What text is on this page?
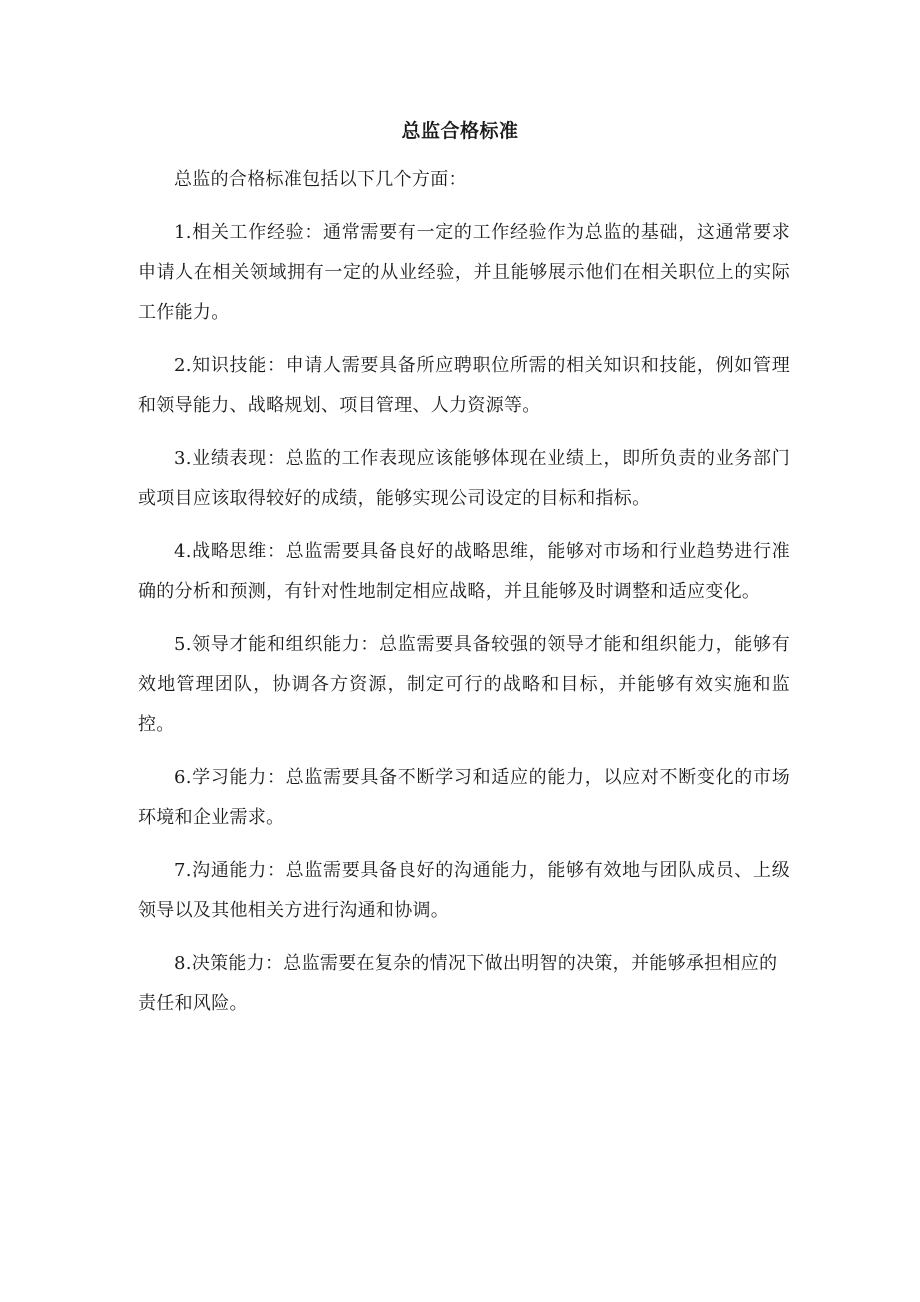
总监合格标准

总监的合格标准包括以下几个方面：

1.相关工作经验：通常需要有一定的工作经验作为总监的基础，这通常要求申请人在相关领域拥有一定的从业经验，并且能够展示他们在相关职位上的实际工作能力。

2.知识技能：申请人需要具备所应聘职位所需的相关知识和技能，例如管理和领导能力、战略规划、项目管理、人力资源等。

3.业绩表现：总监的工作表现应该能够体现在业绩上，即所负责的业务部门或项目应该取得较好的成绩，能够实现公司设定的目标和指标。

4.战略思维：总监需要具备良好的战略思维，能够对市场和行业趋势进行准确的分析和预测，有针对性地制定相应战略，并且能够及时调整和适应变化。

5.领导才能和组织能力：总监需要具备较强的领导才能和组织能力，能够有效地管理团队，协调各方资源，制定可行的战略和目标，并能够有效实施和监控。

6.学习能力：总监需要具备不断学习和适应的能力，以应对不断变化的市场环境和企业需求。

7.沟通能力：总监需要具备良好的沟通能力，能够有效地与团队成员、上级领导以及其他相关方进行沟通和协调。

8.决策能力：总监需要在复杂的情况下做出明智的决策，并能够承担相应的责任和风险。
